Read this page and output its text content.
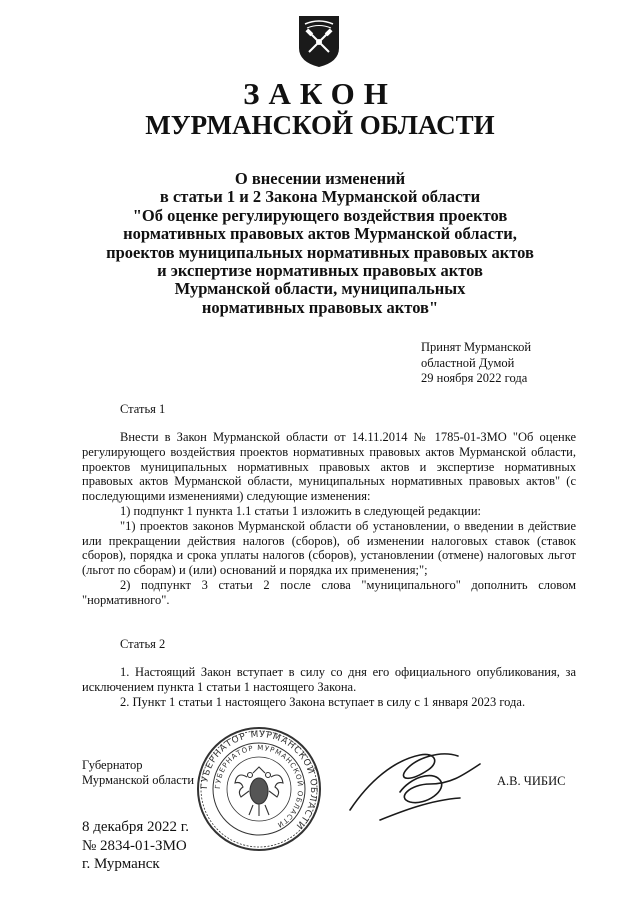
ЗАКОН
МУРМАНСКОЙ ОБЛАСТИ
О внесении изменений
в статьи 1 и 2 Закона Мурманской области
"Об оценке регулирующего воздействия проектов
нормативных правовых актов Мурманской области,
проектов муниципальных нормативных правовых актов
и экспертизе нормативных правовых актов
Мурманской области, муниципальных
нормативных правовых актов"
Принят Мурманской
областной Думой
29 ноября 2022 года
Статья 1

Внести в Закон Мурманской области от 14.11.2014 № 1785-01-ЗМО "Об оценке регулирующего воздействия проектов нормативных правовых актов Мурманской области, проектов муниципальных нормативных правовых актов и экспертизе нормативных правовых актов Мурманской области, муниципальных нормативных правовых актов" (с последующими изменениями) следующие изменения:

1) подпункт 1 пункта 1.1 статьи 1 изложить в следующей редакции:

"1) проектов законов Мурманской области об установлении, о введении в действие или прекращении действия налогов (сборов), об изменении налоговых ставок (ставок сборов), порядка и срока уплаты налогов (сборов), установлении (отмене) налоговых льгот (льгот по сборам) и (или) оснований и порядка их применения;";

2) подпункт 3 статьи 2 после слова "муниципального" дополнить словом "нормативного".

Статья 2

1. Настоящий Закон вступает в силу со дня его официального опубликования, за исключением пункта 1 статьи 1 настоящего Закона.

2. Пункт 1 статьи 1 настоящего Закона вступает в силу с 1 января 2023 года.

Губернатор
Мурманской области ГУБЕРНАТОР МУРМАНСКОЙ ОБЛАСТИ
ГУБЕРНАТОР МУРМАНСКОЙ ОБЛАСТИ
А.В. ЧИБИС
8 декабря 2022 г.
№ 2834-01-ЗМО
г. Мурманск
